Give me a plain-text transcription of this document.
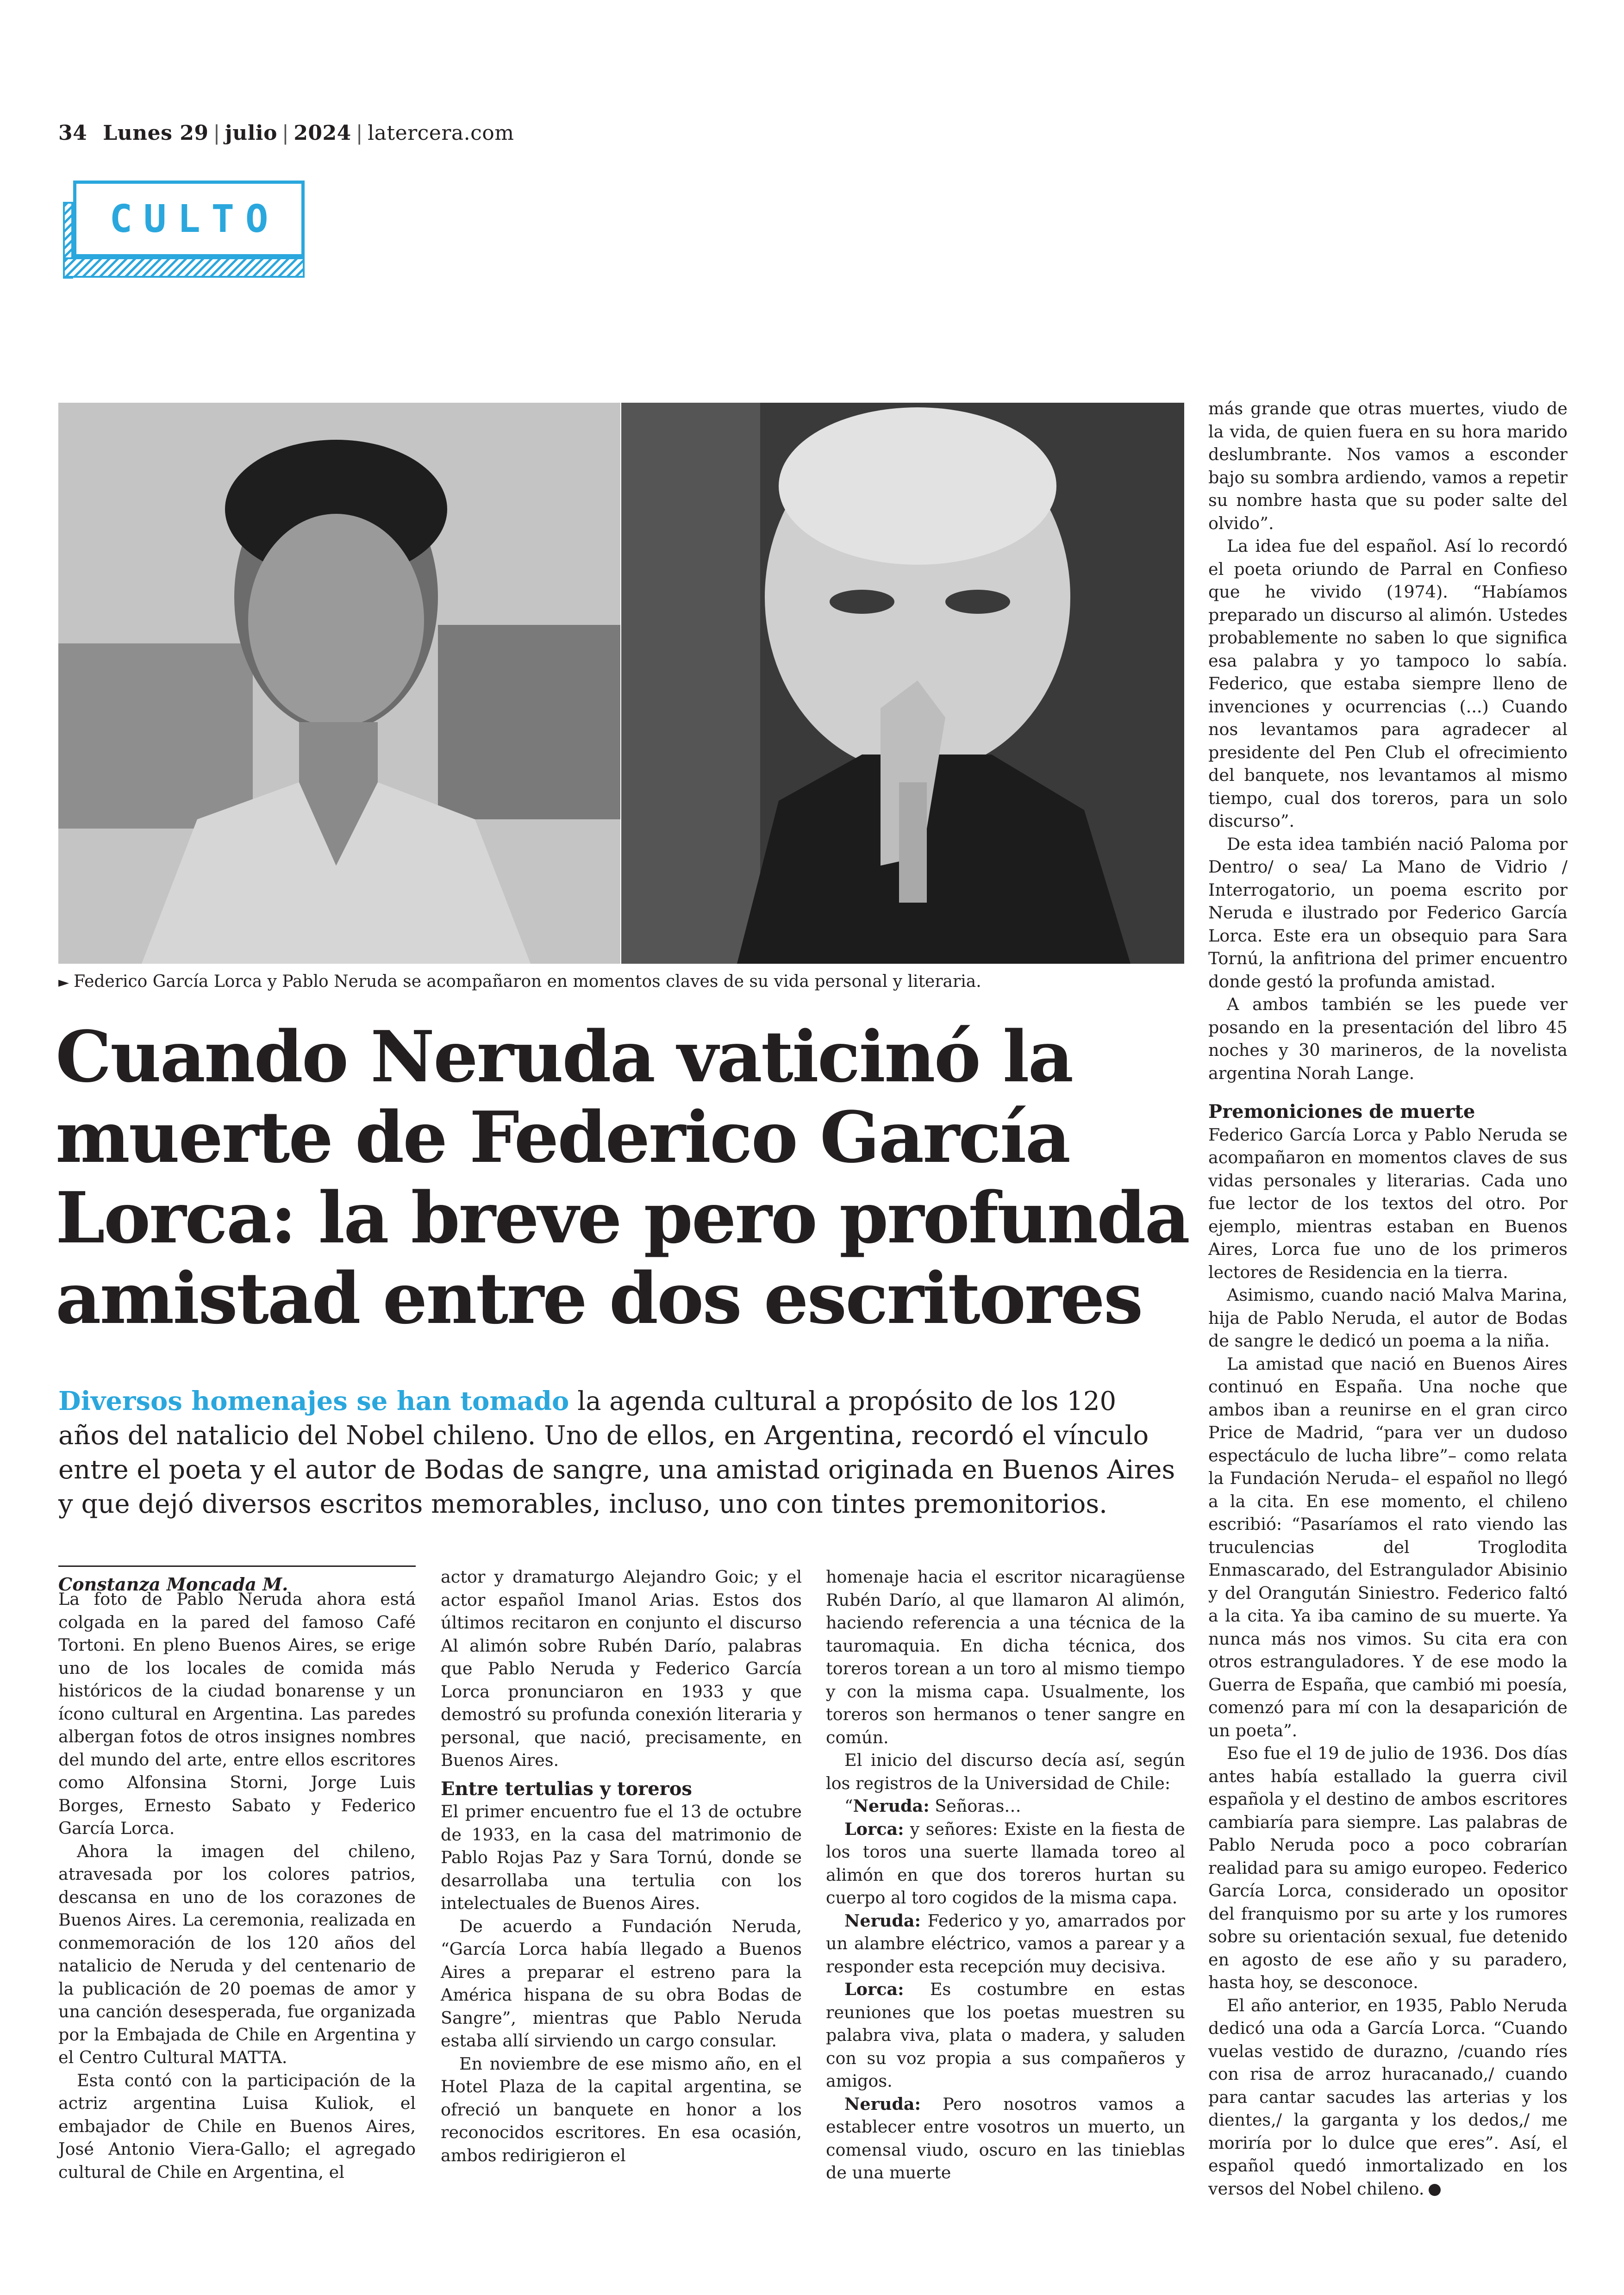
34 Lunes 29 | julio | 2024 | latercera.com
CULTO
► Federico García Lorca y Pablo Neruda se acompañaron en momentos claves de su vida personal y literaria.
Cuando Neruda vaticinó la muerte de Federico García Lorca: la breve pero profunda amistad entre dos escritores

Diversos homenajes se han tomado la agenda cultural a propósito de los 120 años del natalicio del Nobel chileno. Uno de ellos, en Argentina, recordó el vínculo entre el poeta y el autor de Bodas de sangre, una amistad originada en Buenos Aires y que dejó diversos escritos memorables, incluso, uno con tintes premonitorios.

Constanza Moncada M.

La foto de Pablo Neruda ahora está colgada en la pared del famoso Café Tortoni. En pleno Buenos Aires, se erige uno de los locales de comida más históricos de la ciudad bonarense y un ícono cultural en Argentina. Las paredes albergan fotos de otros insignes nombres del mundo del arte, entre ellos escritores como Alfonsina Storni, Jorge Luis Borges, Ernesto Sabato y Federico García Lorca.

Ahora la imagen del chileno, atravesada por los colores patrios, descansa en uno de los corazones de Buenos Aires. La ceremonia, realizada en conmemoración de los 120 años del natalicio de Neruda y del centenario de la publicación de 20 poemas de amor y una canción desesperada, fue organizada por la Embajada de Chile en Argentina y el Centro Cultural MATTA.

Esta contó con la participación de la actriz argentina Luisa Kuliok, el embajador de Chile en Buenos Aires, José Antonio Viera-Gallo; el agregado cultural de Chile en Argentina, el

actor y dramaturgo Alejandro Goic; y el actor español Imanol Arias. Estos dos últimos recitaron en conjunto el discurso Al alimón sobre Rubén Darío, palabras que Pablo Neruda y Federico García Lorca pronunciaron en 1933 y que demostró su profunda conexión literaria y personal, que nació, precisamente, en Buenos Aires.

Entre tertulias y toreros

El primer encuentro fue el 13 de octubre de 1933, en la casa del matrimonio de Pablo Rojas Paz y Sara Tornú, donde se desarrollaba una tertulia con los intelectuales de Buenos Aires.

De acuerdo a Fundación Neruda, “García Lorca había llegado a Buenos Aires a preparar el estreno para la América hispana de su obra Bodas de Sangre”, mientras que Pablo Neruda estaba allí sirviendo un cargo consular.

En noviembre de ese mismo año, en el Hotel Plaza de la capital argentina, se ofreció un banquete en honor a los reconocidos escritores. En esa ocasión, ambos redirigieron el

homenaje hacia el escritor nicaragüense Rubén Darío, al que llamaron Al alimón, haciendo referencia a una técnica de la tauromaquia. En dicha técnica, dos toreros torean a un toro al mismo tiempo y con la misma capa. Usualmente, los toreros son hermanos o tener sangre en común.

El inicio del discurso decía así, según los registros de la Universidad de Chile:

“Neruda: Señoras…

Lorca: y señores: Existe en la fiesta de los toros una suerte llamada toreo al alimón en que dos toreros hurtan su cuerpo al toro cogidos de la misma capa.

Neruda: Federico y yo, amarrados por un alambre eléctrico, vamos a parear y a responder esta recepción muy decisiva.

Lorca: Es costumbre en estas reuniones que los poetas muestren su palabra viva, plata o madera, y saluden con su voz propia a sus compañeros y amigos.

Neruda: Pero nosotros vamos a establecer entre vosotros un muerto, un comensal viudo, oscuro en las tinieblas de una muerte

más grande que otras muertes, viudo de la vida, de quien fuera en su hora marido deslumbrante. Nos vamos a esconder bajo su sombra ardiendo, vamos a repetir su nombre hasta que su poder salte del olvido”.

La idea fue del español. Así lo recordó el poeta oriundo de Parral en Confieso que he vivido (1974). “Habíamos preparado un discurso al alimón. Ustedes probablemente no saben lo que significa esa palabra y yo tampoco lo sabía. Federico, que estaba siempre lleno de invenciones y ocurrencias (...) Cuando nos levantamos para agradecer al presidente del Pen Club el ofrecimiento del banquete, nos levantamos al mismo tiempo, cual dos toreros, para un solo discurso”.

De esta idea también nació Paloma por Dentro/ o sea/ La Mano de Vidrio / Interrogatorio, un poema escrito por Neruda e ilustrado por Federico García Lorca. Este era un obsequio para Sara Tornú, la anfitriona del primer encuentro donde gestó la profunda amistad.

A ambos también se les puede ver posando en la presentación del libro 45 noches y 30 marineros, de la novelista argentina Norah Lange.

Premoniciones de muerte

Federico García Lorca y Pablo Neruda se acompañaron en momentos claves de sus vidas personales y literarias. Cada uno fue lector de los textos del otro. Por ejemplo, mientras estaban en Buenos Aires, Lorca fue uno de los primeros lectores de Residencia en la tierra.

Asimismo, cuando nació Malva Marina, hija de Pablo Neruda, el autor de Bodas de sangre le dedicó un poema a la niña.

La amistad que nació en Buenos Aires continuó en España. Una noche que ambos iban a reunirse en el gran circo Price de Madrid, “para ver un dudoso espectáculo de lucha libre”– como relata la Fundación Neruda– el español no llegó a la cita. En ese momento, el chileno escribió: “Pasaríamos el rato viendo las truculencias del Troglodita Enmascarado, del Estrangulador Abisinio y del Orangután Siniestro. Federico faltó a la cita. Ya iba camino de su muerte. Ya nunca más nos vimos. Su cita era con otros estranguladores. Y de ese modo la Guerra de España, que cambió mi poesía, comenzó para mí con la desaparición de un poeta”.

Eso fue el 19 de julio de 1936. Dos días antes había estallado la guerra civil española y el destino de ambos escritores cambiaría para siempre. Las palabras de Pablo Neruda poco a poco cobrarían realidad para su amigo europeo. Federico García Lorca, considerado un opositor del franquismo por su arte y los rumores sobre su orientación sexual, fue detenido en agosto de ese año y su paradero, hasta hoy, se desconoce.

El año anterior, en 1935, Pablo Neruda dedicó una oda a García Lorca. “Cuando vuelas vestido de durazno, /cuando ríes con risa de arroz huracanado,/ cuando para cantar sacudes las arterias y los dientes,/ la garganta y los dedos,/ me moriría por lo dulce que eres”. Así, el español quedó inmortalizado en los versos del Nobel chileno.
